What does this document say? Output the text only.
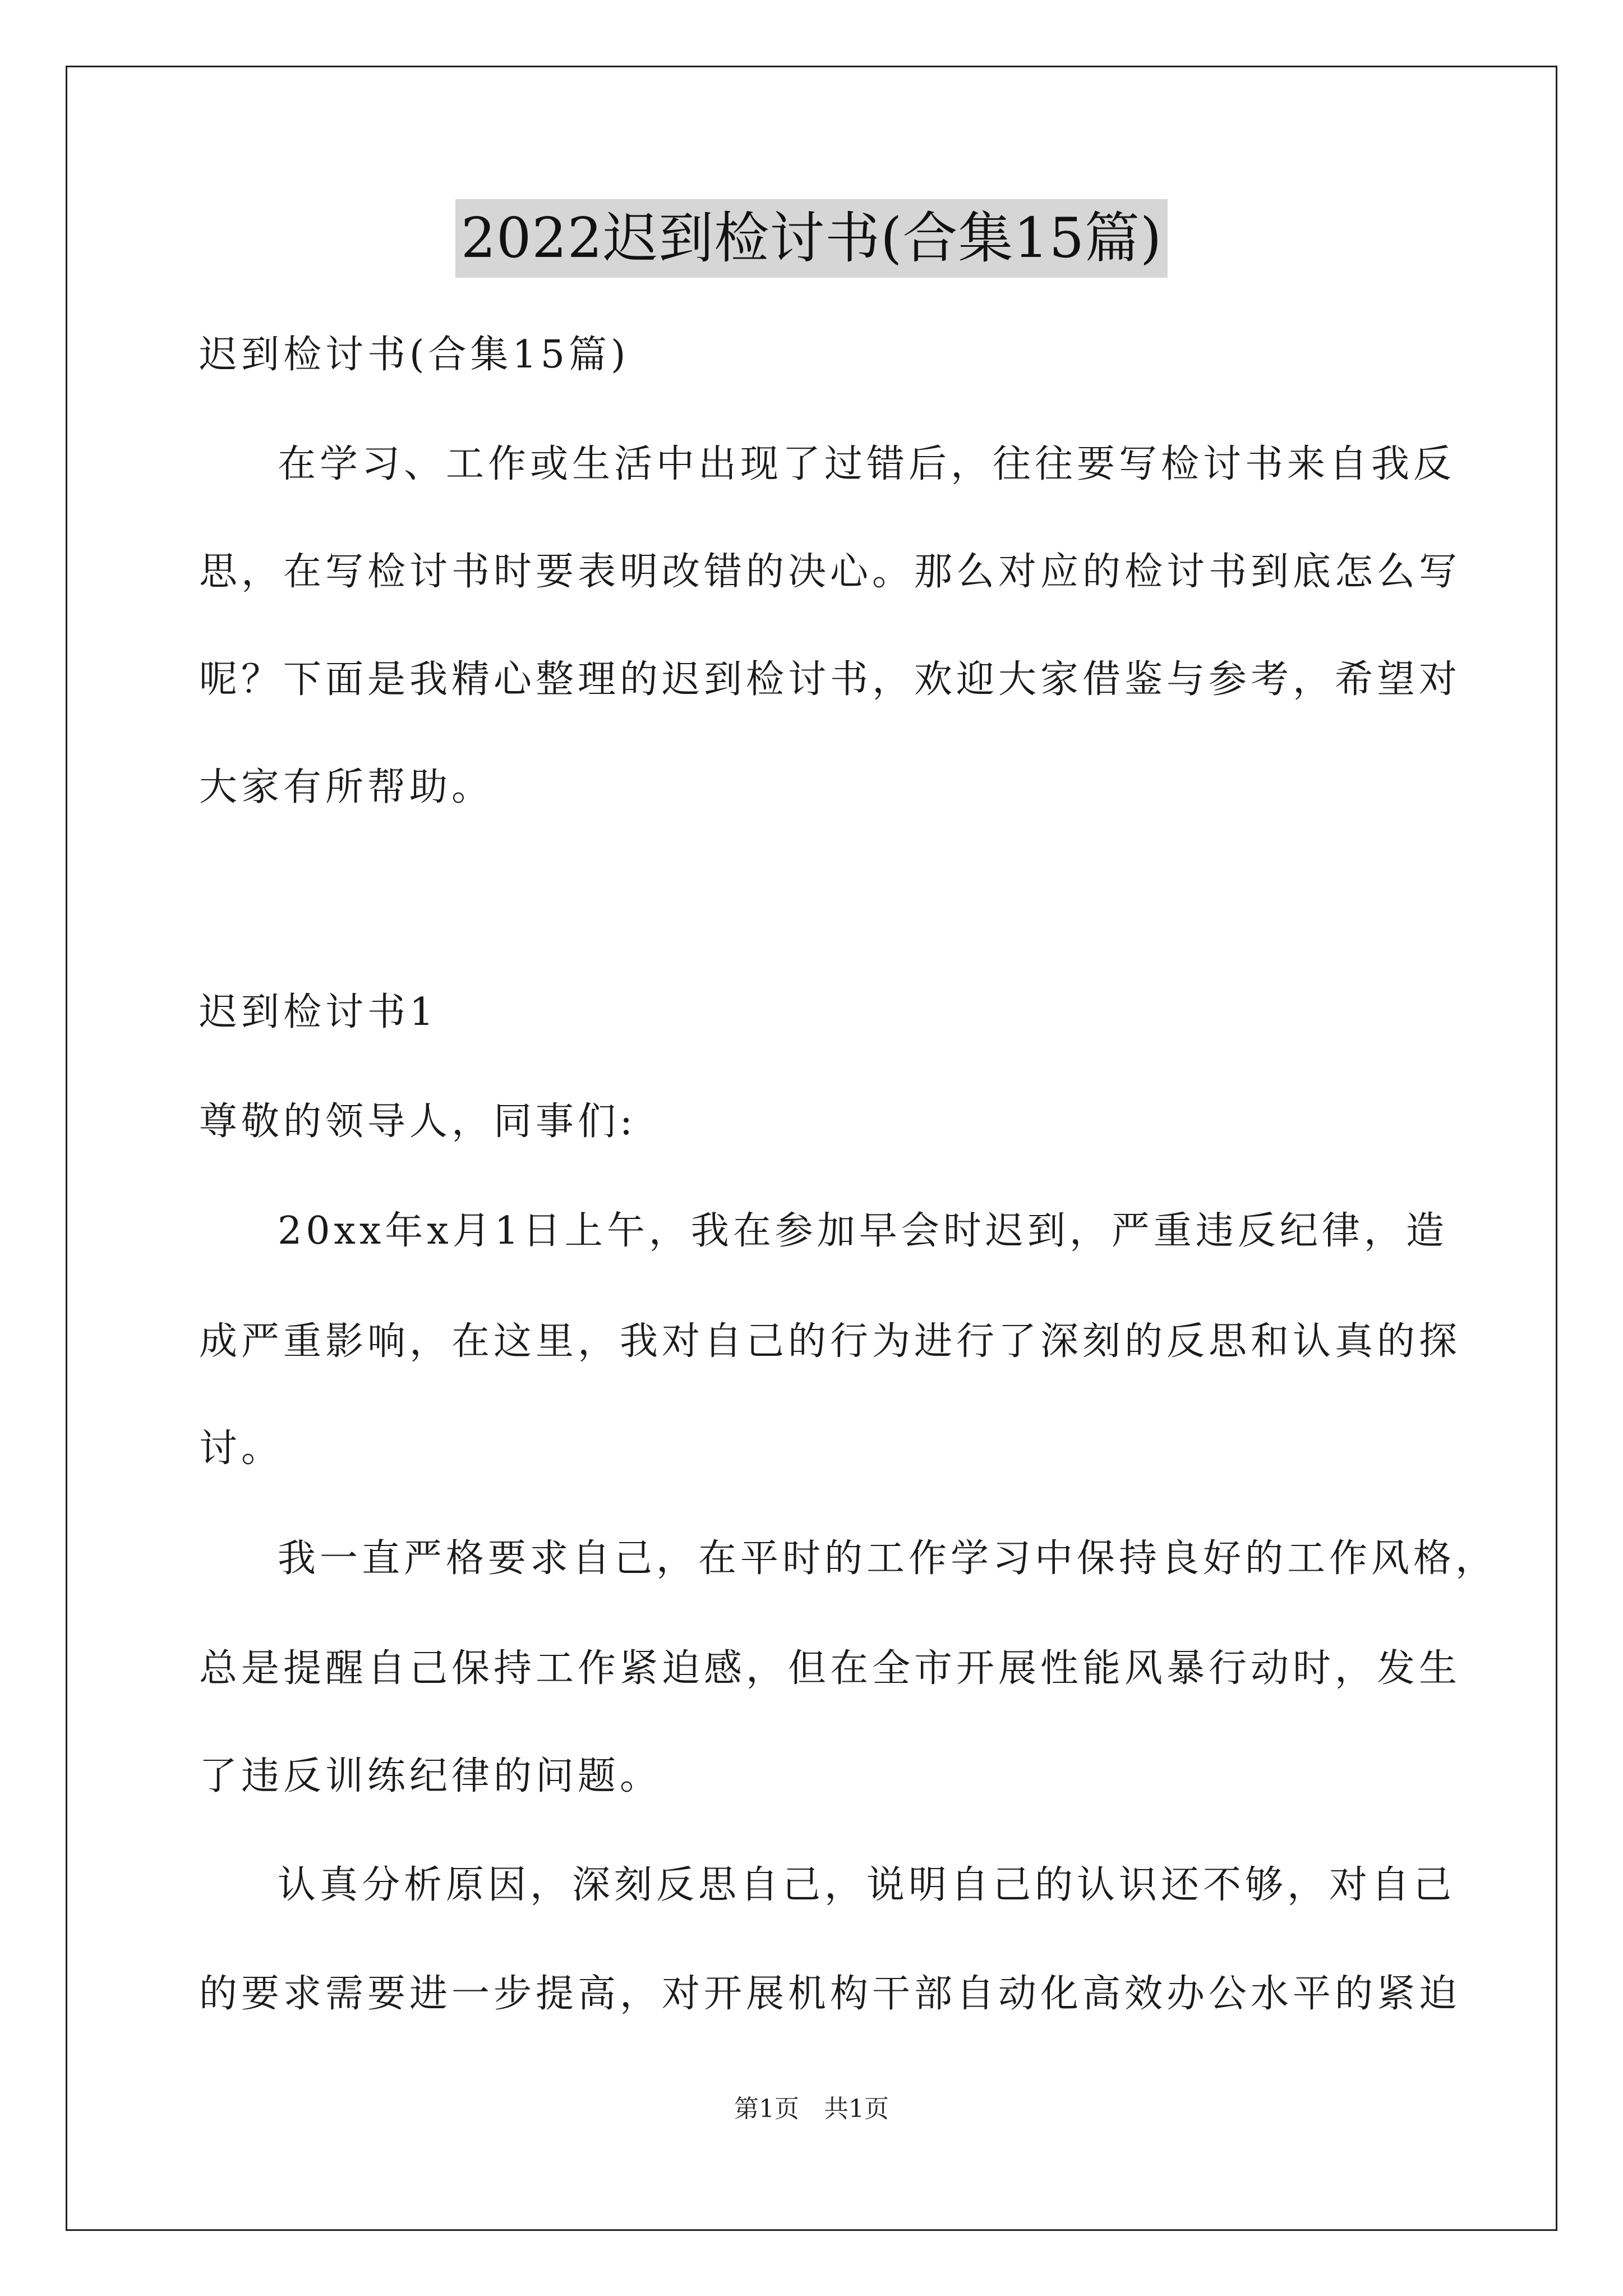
2022迟到检讨书(合集15篇)
迟到检讨书(合集15篇)
在学习、工作或生活中出现了过错后，往往要写检讨书来自我反
思，在写检讨书时要表明改错的决心。那么对应的检讨书到底怎么写
呢？下面是我精心整理的迟到检讨书，欢迎大家借鉴与参考，希望对
大家有所帮助。
迟到检讨书1
尊敬的领导人，同事们:
20xx年x月1日上午，我在参加早会时迟到，严重违反纪律，造
成严重影响，在这里，我对自己的行为进行了深刻的反思和认真的探
讨。
我一直严格要求自己，在平时的工作学习中保持良好的工作风格，
总是提醒自己保持工作紧迫感，但在全市开展性能风暴行动时，发生
了违反训练纪律的问题。
认真分析原因，深刻反思自己，说明自己的认识还不够，对自己
的要求需要进一步提高，对开展机构干部自动化高效办公水平的紧迫
第1页　共1页
